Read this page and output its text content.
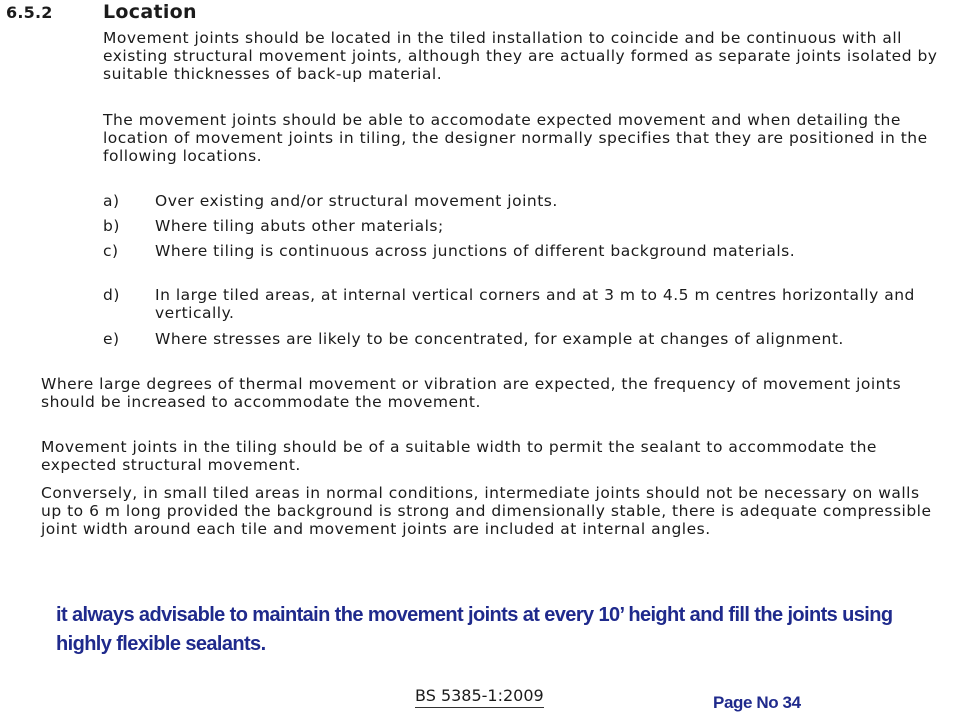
6.5.2	Location

Movement joints should be located in the tiled installation to coincide and be continuous with all existing structural movement joints, although they are actually formed as separate joints isolated by suitable thicknesses of back-up material.

The movement joints should be able to accomodate expected movement and when detailing the location of movement joints in tiling, the designer normally specifies that they are positioned in the following locations.

a)	Over existing and/or structural movement joints.
b)	Where tiling abuts other materials;
c)	Where tiling is continuous across junctions of different background materials.
d)	In large tiled areas, at internal vertical corners and at 3 m to 4.5 m centres horizontally and vertically.
e)	Where stresses are likely to be concentrated, for example at changes of alignment.

Where large degrees of thermal movement or vibration are expected, the frequency of movement joints should be increased to accommodate the movement.

Movement joints in the tiling should be of a suitable width to permit the sealant to accommodate the expected structural movement.

Conversely, in small tiled areas in normal conditions, intermediate joints should not be necessary on walls up to 6 m long provided the background is strong and dimensionally stable, there is adequate compressible joint width around each tile and movement joints are included at internal angles.

it always advisable to maintain the movement joints at every 10’ height and fill the joints using highly flexible sealants.

BS 5385-1:2009	Page No 34
